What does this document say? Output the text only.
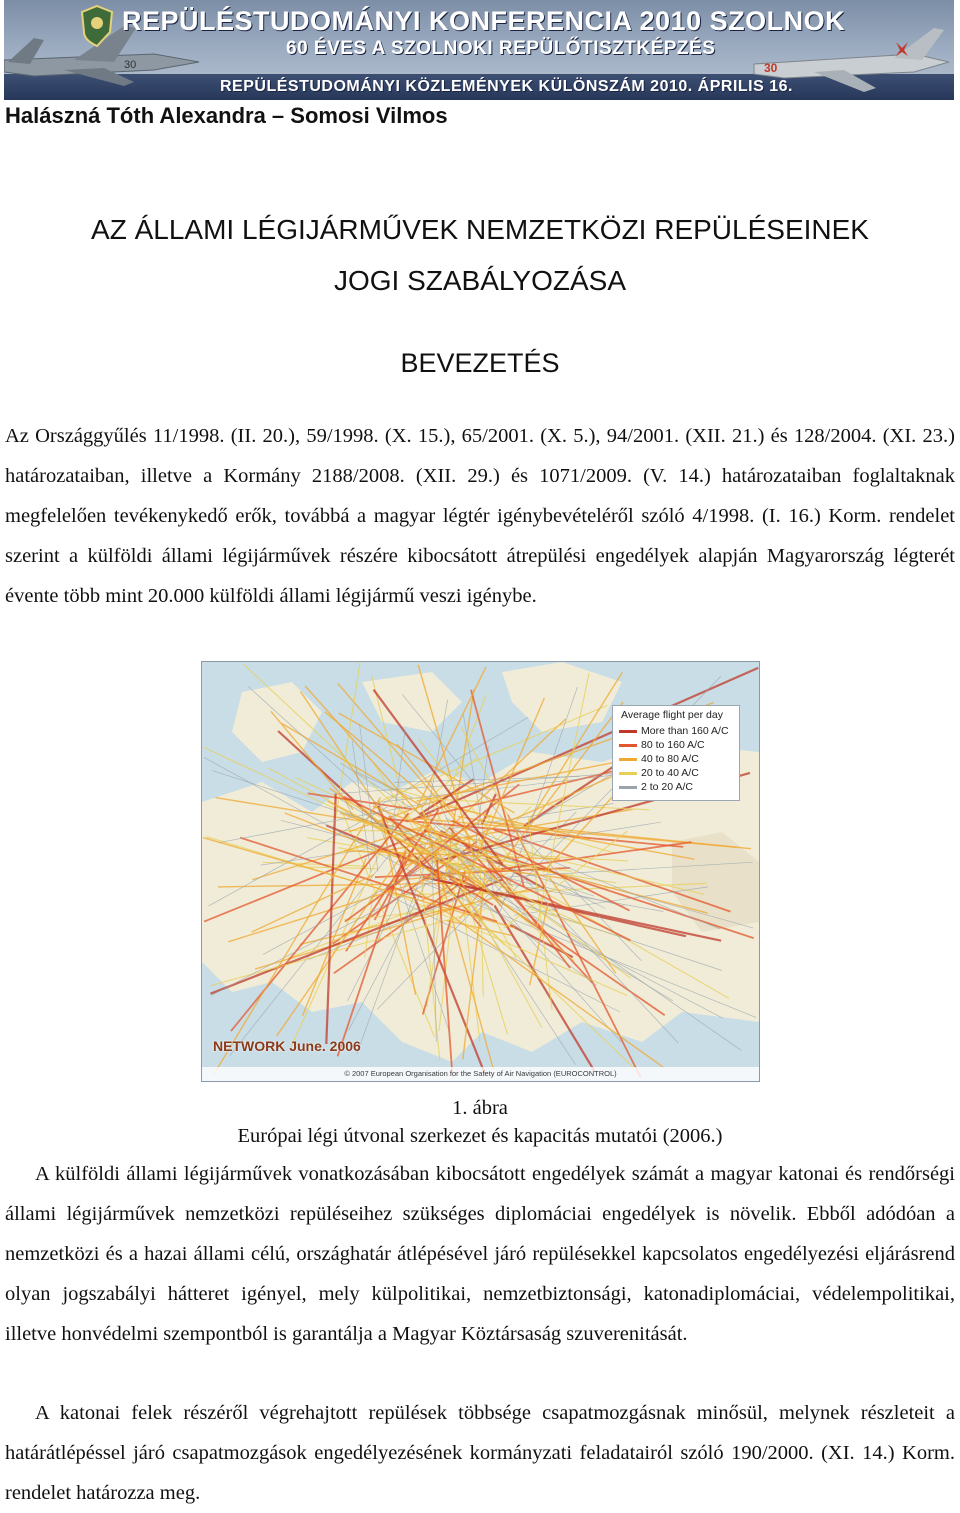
30	30
REPÜLÉSTUDOMÁNYI KONFERENCIA 2010 SZOLNOK
60 ÉVES A SZOLNOKI REPÜLŐTISZTKÉPZÉS
REPÜLÉSTUDOMÁNYI KÖZLEMÉNYEK KÜLÖNSZÁM 2010. ÁPRILIS 16.
Halászná Tóth Alexandra – Somosi Vilmos
AZ ÁLLAMI LÉGIJÁRMŰVEK NEMZETKÖZI REPÜLÉSEINEK
JOGI SZABÁLYOZÁSA
BEVEZETÉS

Az Országgyűlés 11/1998. (II. 20.), 59/1998. (X. 15.), 65/2001. (X. 5.), 94/2001. (XII. 21.) és 128/2004. (XI. 23.) határozataiban, illetve a Kormány 2188/2008. (XII. 29.) és 1071/2009. (V. 14.) határozataiban foglaltaknak megfelelően tevékenykedő erők, továbbá a magyar légtér igénybevételéről szóló 4/1998. (I. 16.) Korm. rendelet szerint a külföldi állami légijárművek részére kibocsátott átrepülési engedélyek alapján Magyarország légterét évente több mint 20.000 külföldi állami légijármű veszi igénybe.

Average flight per day
More than 160 A/C
80 to 160 A/C
40 to 80 A/C
20 to 40 A/C
2 to 20 A/C
NETWORK June. 2006
© 2007 European Organisation for the Safety of Air Navigation (EUROCONTROL)

1. ábra

Európai légi útvonal szerkezet és kapacitás mutatói (2006.)

A külföldi állami légijárművek vonatkozásában kibocsátott engedélyek számát a magyar katonai és rendőrségi állami légijárművek nemzetközi repüléseihez szükséges diplomáciai engedélyek is növelik. Ebből adódóan a nemzetközi és a hazai állami célú, országhatár átlépésével járó repülésekkel kapcsolatos engedélyezési eljárásrend olyan jogszabályi hátteret igényel, mely külpolitikai, nemzetbiztonsági, katonadiplomáciai, védelempolitikai, illetve honvédelmi szempontból is garantálja a Magyar Köztársaság szuverenitását.

A katonai felek részéről végrehajtott repülések többsége csapatmozgásnak minősül, melynek részleteit a határátlépéssel járó csapatmozgások engedélyezésének kormányzati feladatairól szóló 190/2000. (XI. 14.) Korm. rendelet határozza meg.
